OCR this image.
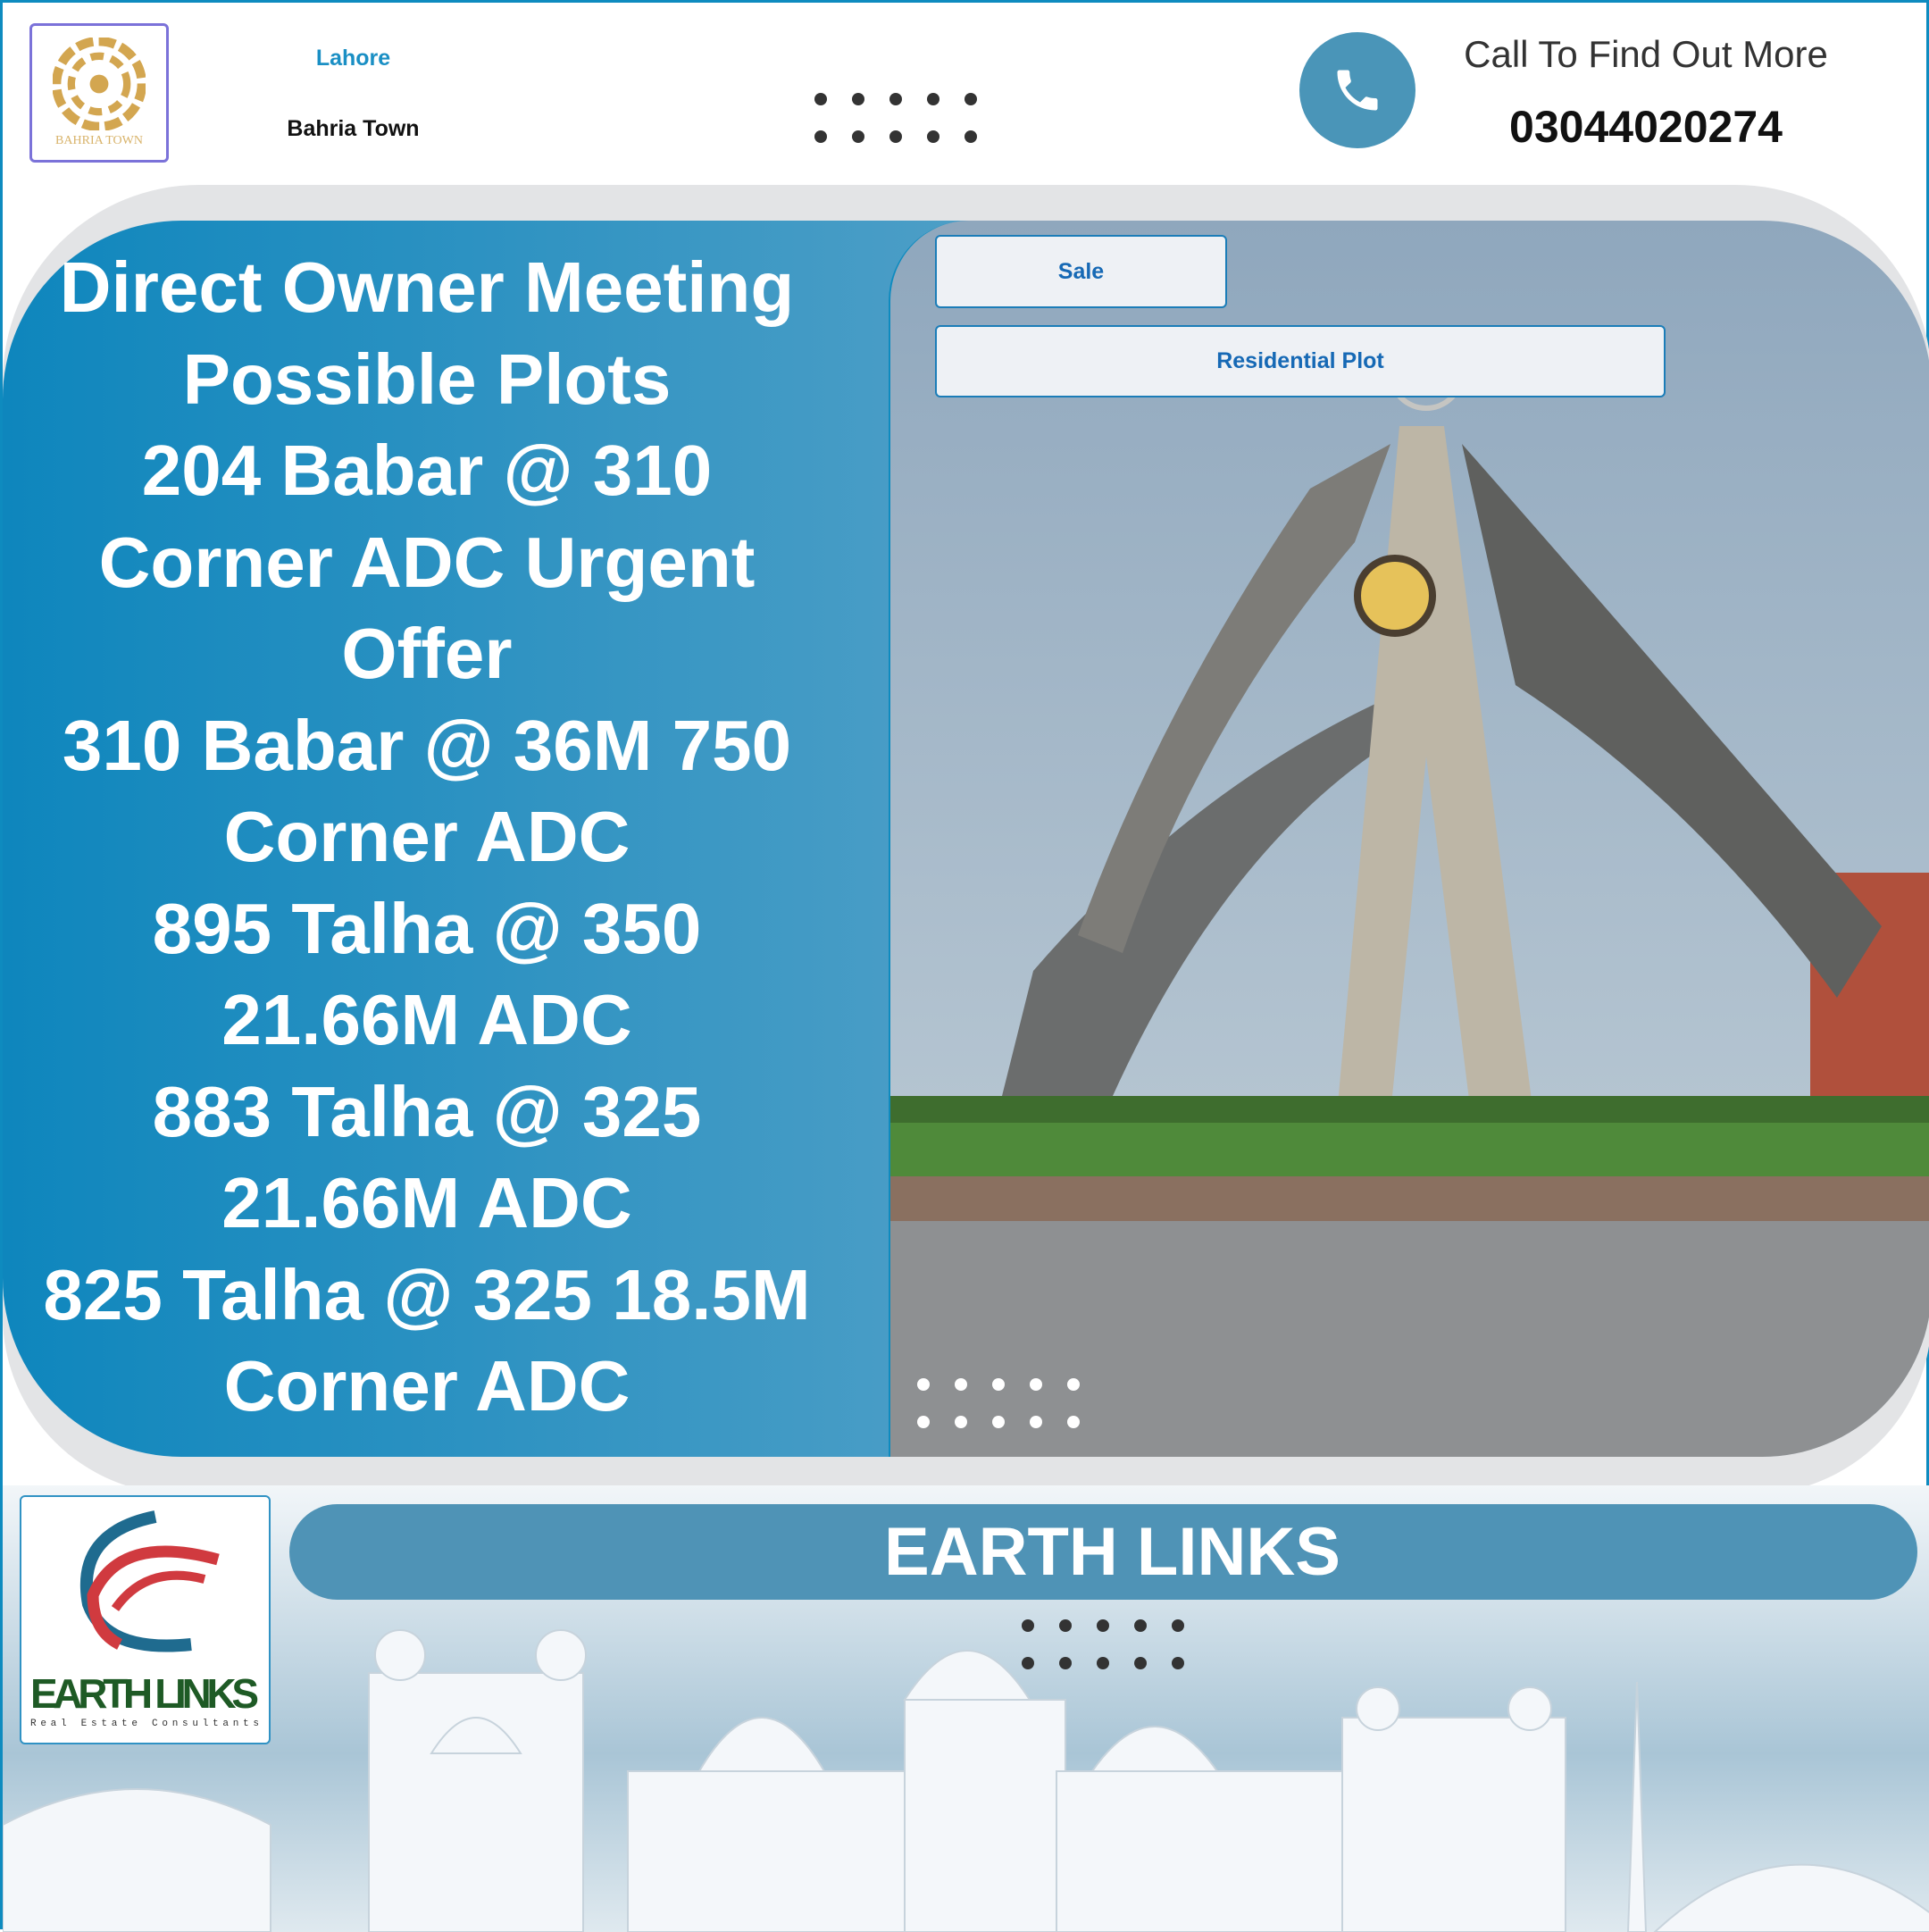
BAHRIA TOWN
Lahore
Bahria Town
Call To Find Out More
03044020274
Direct Owner Meeting
Possible Plots
204 Babar @ 310
Corner ADC Urgent
Offer
310 Babar @ 36M 750
Corner ADC
895 Talha @ 350
21.66M ADC
883 Talha @ 325
21.66M ADC
825 Talha @ 325 18.5M
Corner ADC
Sale
Residential Plot
EARTH LINKS
Real Estate Consultants
EARTH LINKS
